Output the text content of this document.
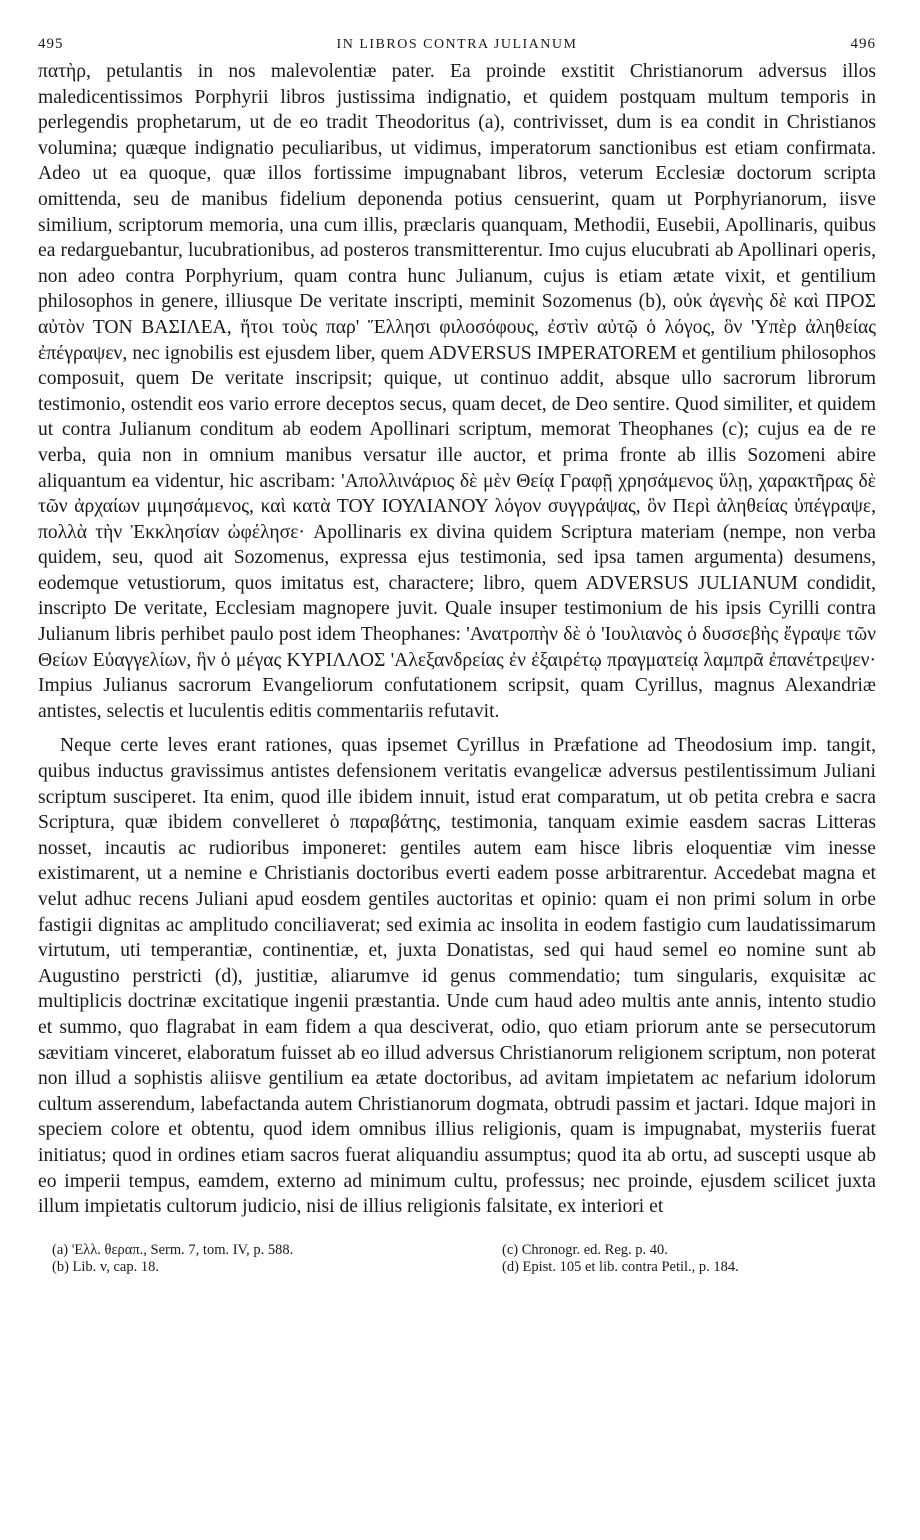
495	IN LIBROS CONTRA JULIANUM	496

πατὴρ, petulantis in nos malevolentiæ pater. Ea proinde exstitit Christianorum adversus illos maledicentissimos Porphyrii libros justissima indignatio, et quidem postquam multum temporis in perlegendis prophetarum, ut de eo tradit Theodoritus (a), contrivisset, dum is ea condit in Christianos volumina; quæque indignatio peculiaribus, ut vidimus, imperatorum sanctionibus est etiam confirmata. Adeo ut ea quoque, quæ illos fortissime impugnabant libros, veterum Ecclesiæ doctorum scripta omittenda, seu de manibus fidelium deponenda potius censuerint, quam ut Porphyrianorum, iisve similium, scriptorum memoria, una cum illis, præclaris quanquam, Methodii, Eusebii, Apollinaris, quibus ea redarguebantur, lucubrationibus, ad posteros transmitterentur. Imo cujus elucubrati ab Apollinari operis, non adeo contra Porphyrium, quam contra hunc Julianum, cujus is etiam ætate vixit, et gentilium philosophos in genere, illiusque De veritate inscripti, meminit Sozomenus (b), οὐκ ἀγενὴς δὲ καὶ ΠΡΟΣ αὐτὸν ΤΟΝ ΒΑΣΙΛΕΑ, ἤτοι τοὺς παρ' Ἕλλησι φιλοσόφους, ἐστὶν αὐτῷ ὁ λόγος, ὃν 'Υπὲρ ἀληθείας ἐπέγραψεν, nec ignobilis est ejusdem liber, quem ADVERSUS IMPERATOREM et gentilium philosophos composuit, quem De veritate inscripsit; quique, ut continuo addit, absque ullo sacrorum librorum testimonio, ostendit eos vario errore deceptos secus, quam decet, de Deo sentire. Quod similiter, et quidem ut contra Julianum conditum ab eodem Apollinari scriptum, memorat Theophanes (c); cujus ea de re verba, quia non in omnium manibus versatur ille auctor, et prima fronte ab illis Sozomeni abire aliquantum ea videntur, hic ascribam: 'Απολλινάριος δὲ μὲν Θείᾳ Γραφῇ χρησάμενος ὕλῃ, χαρακτῆρας δὲ τῶν ἀρχαίων μιμησάμενος, καὶ κατὰ ΤΟΥ ΙΟΥΛΙΑΝΟΥ λόγον συγγράψας, ὃν Περὶ ἀληθείας ὑπέγραψε, πολλὰ τὴν Ἐκκλησίαν ὠφέλησε· Apollinaris ex divina quidem Scriptura materiam (nempe, non verba quidem, seu, quod ait Sozomenus, expressa ejus testimonia, sed ipsa tamen argumenta) desumens, eodemque vetustiorum, quos imitatus est, charactere; libro, quem ADVERSUS JULIANUM condidit, inscripto De veritate, Ecclesiam magnopere juvit. Quale insuper testimonium de his ipsis Cyrilli contra Julianum libris perhibet paulo post idem Theophanes: 'Ανατροπὴν δὲ ὁ 'Ιουλιανὸς ὁ δυσσεβὴς ἔγραψε τῶν Θείων Εὐαγγελίων, ἣν ὁ μέγας ΚΥΡΙΛΛΟΣ 'Αλεξανδρείας ἐν ἐξαιρέτῳ πραγματείᾳ λαμπρᾶ ἐπανέτρεψεν· Impius Julianus sacrorum Evangeliorum confutationem scripsit, quam Cyrillus, magnus Alexandriæ antistes, selectis et luculentis editis commentariis refutavit.

Neque certe leves erant rationes, quas ipsemet Cyrillus in Præfatione ad Theodosium imp. tangit, quibus inductus gravissimus antistes defensionem veritatis evangelicæ adversus pestilentissimum Juliani scriptum susciperet. Ita enim, quod ille ibidem innuit, istud erat comparatum, ut ob petita crebra e sacra Scriptura, quæ ibidem convelleret ὁ παραβάτης, testimonia, tanquam eximie easdem sacras Litteras nosset, incautis ac rudioribus imponeret: gentiles autem eam hisce libris eloquentiæ vim inesse existimarent, ut a nemine e Christianis doctoribus everti eadem posse arbitrarentur. Accedebat magna et velut adhuc recens Juliani apud eosdem gentiles auctoritas et opinio: quam ei non primi solum in orbe fastigii dignitas ac amplitudo conciliaverat; sed eximia ac insolita in eodem fastigio cum laudatissimarum virtutum, uti temperantiæ, continentiæ, et, juxta Donatistas, sed qui haud semel eo nomine sunt ab Augustino perstricti (d), justitiæ, aliarumve id genus commendatio; tum singularis, exquisitæ ac multiplicis doctrinæ excitatique ingenii præstantia. Unde cum haud adeo multis ante annis, intento studio et summo, quo flagrabat in eam fidem a qua desciverat, odio, quo etiam priorum ante se persecutorum sævitiam vinceret, elaboratum fuisset ab eo illud adversus Christianorum religionem scriptum, non poterat non illud a sophistis aliisve gentilium ea ætate doctoribus, ad avitam impietatem ac nefarium idolorum cultum asserendum, labefactanda autem Christianorum dogmata, obtrudi passim et jactari. Idque majori in speciem colore et obtentu, quod idem omnibus illius religionis, quam is impugnabat, mysteriis fuerat initiatus; quod in ordines etiam sacros fuerat aliquandiu assumptus; quod ita ab ortu, ad suscepti usque ab eo imperii tempus, eamdem, externo ad minimum cultu, professus; nec proinde, ejusdem scilicet juxta illum impietatis cultorum judicio, nisi de illius religionis falsitate, ex interiori et

(a) 'Ελλ. θεραπ., Serm. 7, tom. IV, p. 588.	(c) Chronogr. ed. Reg. p. 40.
(b) Lib. v, cap. 18.	(d) Epist. 105 et lib. contra Petil., p. 184.
